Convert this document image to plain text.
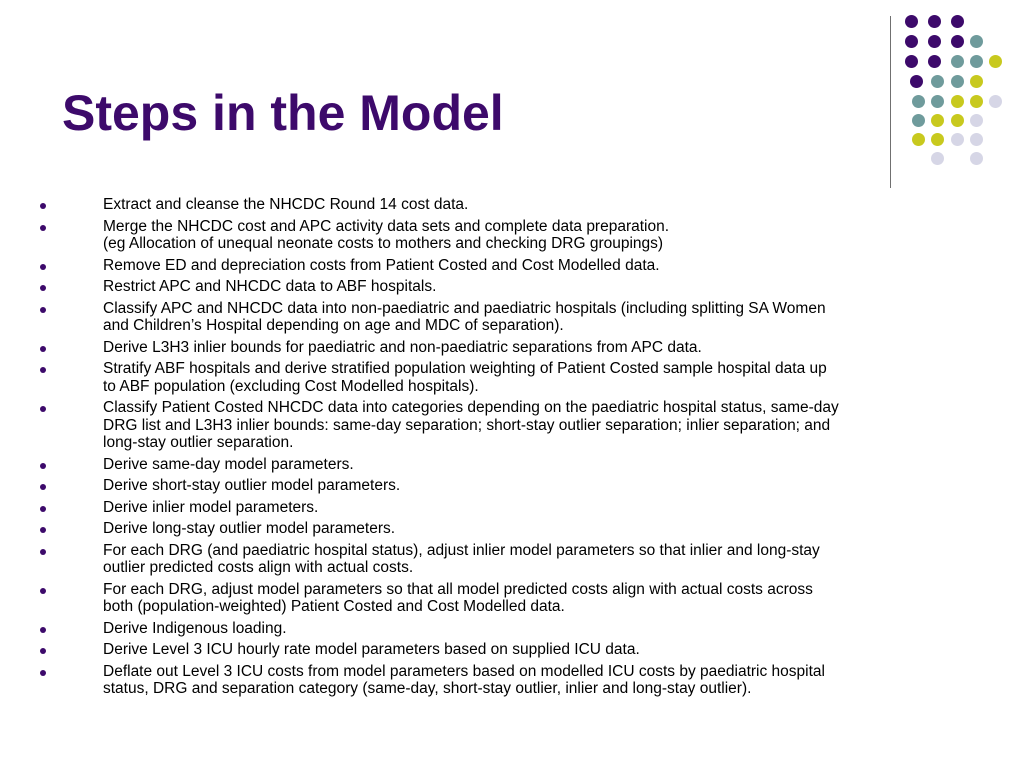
Steps in the Model
Extract and cleanse the NHCDC Round 14 cost data.
Merge the NHCDC cost and APC activity data sets and complete data preparation.
(eg Allocation of unequal neonate costs to mothers and checking DRG groupings)
Remove ED and depreciation costs from Patient Costed and Cost Modelled data.
Restrict APC and NHCDC data to ABF hospitals.
Classify APC and NHCDC data into non-paediatric and paediatric hospitals (including splitting SA Women
and Children’s Hospital depending on age and MDC of separation).
Derive L3H3 inlier bounds for paediatric and non-paediatric separations from APC data.
Stratify ABF hospitals and derive stratified population weighting of Patient Costed sample hospital data up
to ABF population (excluding Cost Modelled hospitals).
Classify Patient Costed NHCDC data into categories depending on the paediatric hospital status, same-day
DRG list and L3H3 inlier bounds: same-day separation; short-stay outlier separation; inlier separation; and
long-stay outlier separation.
Derive same-day model parameters.
Derive short-stay outlier model parameters.
Derive inlier model parameters.
Derive long-stay outlier model parameters.
For each DRG (and paediatric hospital status), adjust inlier model parameters so that inlier and long-stay
outlier predicted costs align with actual costs.
For each DRG, adjust model parameters so that all model predicted costs align with actual costs across
both (population-weighted) Patient Costed and Cost Modelled data.
Derive Indigenous loading.
Derive Level 3 ICU hourly rate model parameters based on supplied ICU data.
Deflate out Level 3 ICU costs from model parameters based on modelled ICU costs by paediatric hospital
status, DRG and separation category (same-day, short-stay outlier, inlier and long-stay outlier).
